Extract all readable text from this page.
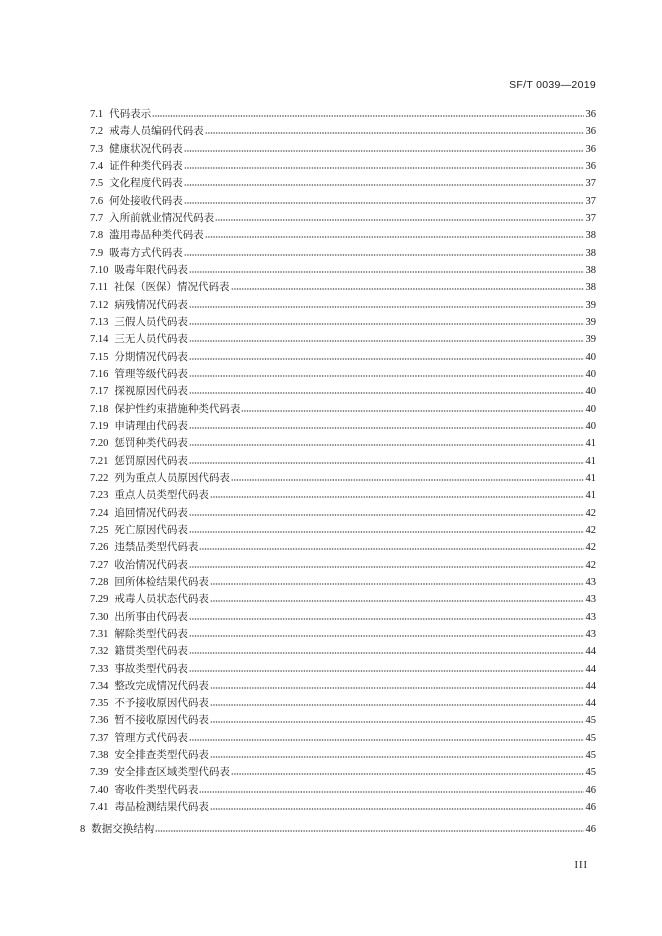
SF/T 0039—2019
7.1 代码表示	36
7.2 戒毒人员编码代码表	36
7.3 健康状况代码表	36
7.4 证件种类代码表	36
7.5 文化程度代码表	37
7.6 何处接收代码表	37
7.7 入所前就业情况代码表	37
7.8 滥用毒品种类代码表	38
7.9 吸毒方式代码表	38
7.10 吸毒年限代码表	38
7.11 社保（医保）情况代码表	38
7.12 病残情况代码表	39
7.13 三假人员代码表	39
7.14 三无人员代码表	39
7.15 分期情况代码表	40
7.16 管理等级代码表	40
7.17 探视原因代码表	40
7.18 保护性约束措施种类代码表	40
7.19 申请理由代码表	40
7.20 惩罚种类代码表	41
7.21 惩罚原因代码表	41
7.22 列为重点人员原因代码表	41
7.23 重点人员类型代码表	41
7.24 追回情况代码表	42
7.25 死亡原因代码表	42
7.26 违禁品类型代码表	42
7.27 收治情况代码表	42
7.28 回所体检结果代码表	43
7.29 戒毒人员状态代码表	43
7.30 出所事由代码表	43
7.31 解除类型代码表	43
7.32 籍贯类型代码表	44
7.33 事故类型代码表	44
7.34 整改完成情况代码表	44
7.35 不予接收原因代码表	44
7.36 暂不接收原因代码表	45
7.37 管理方式代码表	45
7.38 安全排查类型代码表	45
7.39 安全排查区域类型代码表	45
7.40 寄收件类型代码表	46
7.41 毒品检测结果代码表	46
8 数据交换结构	46
III
